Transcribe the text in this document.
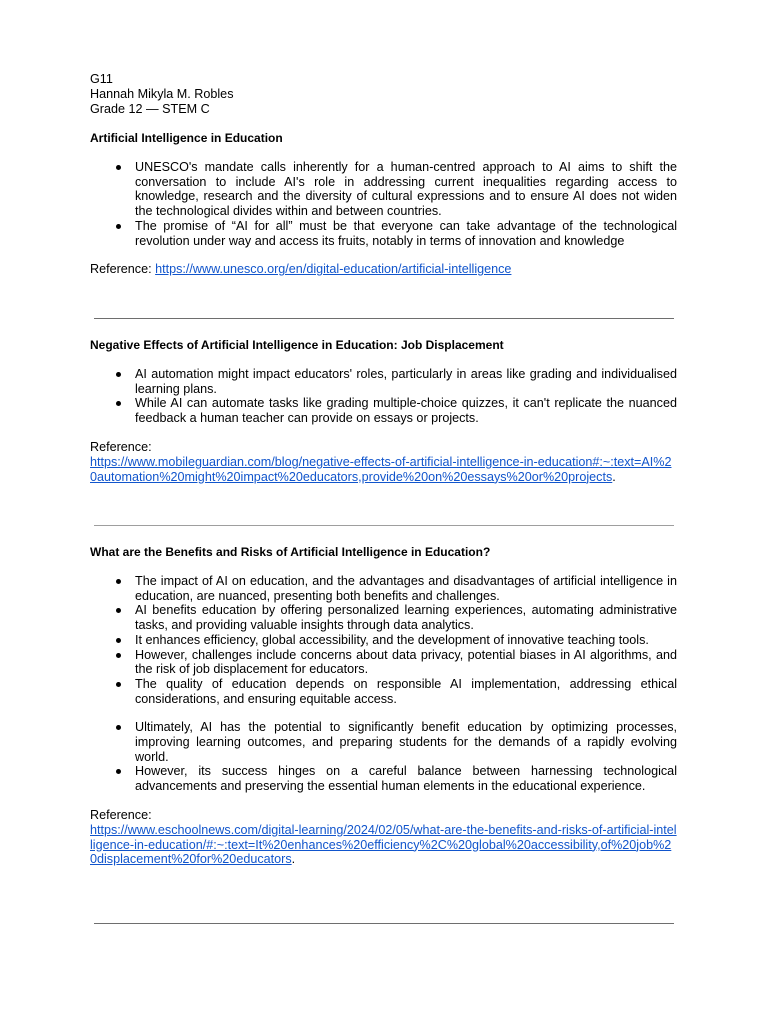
G11
Hannah Mikyla M. Robles
Grade 12 — STEM C
Artificial Intelligence in Education
UNESCO's mandate calls inherently for a human-centred approach to AI aims to shift the conversation to include AI's role in addressing current inequalities regarding access to knowledge, research and the diversity of cultural expressions and to ensure AI does not widen the technological divides within and between countries.
The promise of “AI for all” must be that everyone can take advantage of the technological revolution under way and access its fruits, notably in terms of innovation and knowledge
Reference: https://www.unesco.org/en/digital-education/artificial-intelligence
Negative Effects of Artificial Intelligence in Education: Job Displacement
AI automation might impact educators' roles, particularly in areas like grading and individualised learning plans.
While AI can automate tasks like grading multiple-choice quizzes, it can't replicate the nuanced feedback a human teacher can provide on essays or projects.
Reference:
https://www.mobileguardian.com/blog/negative-effects-of-artificial-intelligence-in-education#:~:text=AI%20automation%20might%20impact%20educators,provide%20on%20essays%20or%20projects.
What are the Benefits and Risks of Artificial Intelligence in Education?
The impact of AI on education, and the advantages and disadvantages of artificial intelligence in education, are nuanced, presenting both benefits and challenges.
AI benefits education by offering personalized learning experiences, automating administrative tasks, and providing valuable insights through data analytics.
It enhances efficiency, global accessibility, and the development of innovative teaching tools.
However, challenges include concerns about data privacy, potential biases in AI algorithms, and the risk of job displacement for educators.
The quality of education depends on responsible AI implementation, addressing ethical considerations, and ensuring equitable access.
Ultimately, AI has the potential to significantly benefit education by optimizing processes, improving learning outcomes, and preparing students for the demands of a rapidly evolving world.
However, its success hinges on a careful balance between harnessing technological advancements and preserving the essential human elements in the educational experience.
Reference:
https://www.eschoolnews.com/digital-learning/2024/02/05/what-are-the-benefits-and-risks-of-artificial-intelligence-in-education/#:~:text=It%20enhances%20efficiency%2C%20global%20accessibility,of%20job%20displacement%20for%20educators.
